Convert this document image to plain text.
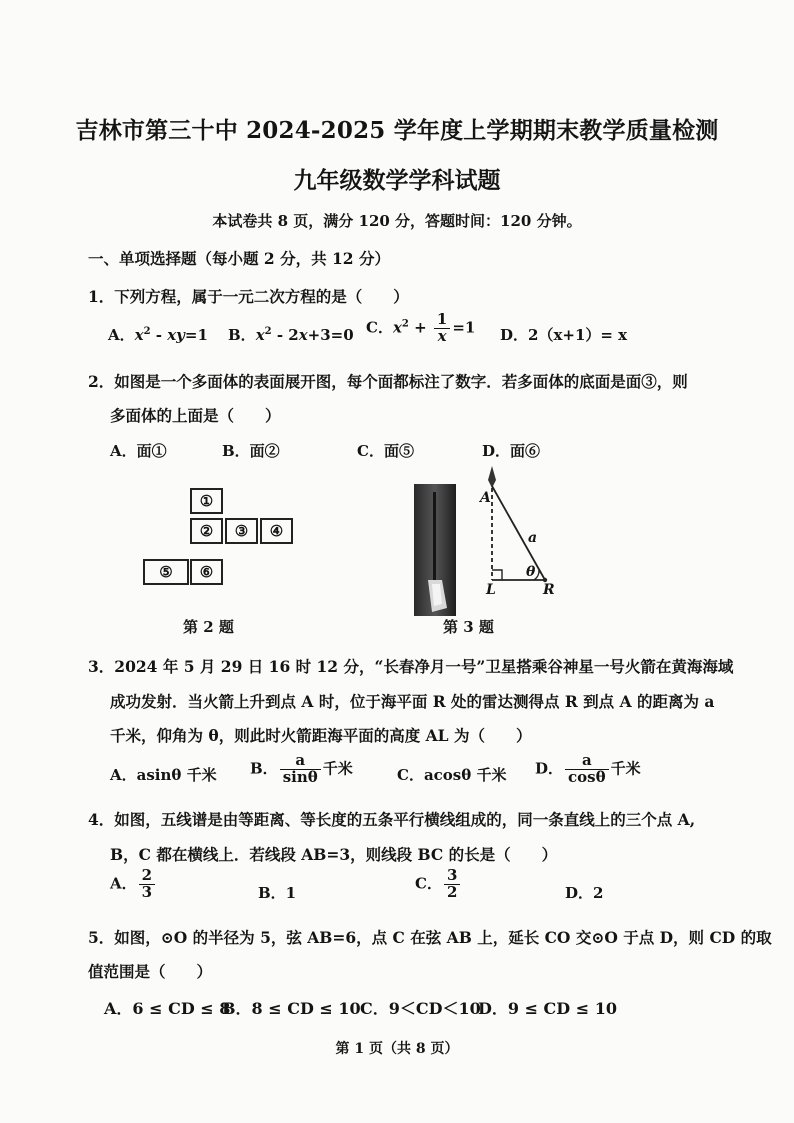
吉林市第三十中 2024-2025 学年度上学期期末教学质量检测
九年级数学学科试题
本试卷共 8 页，满分 120 分，答题时间：120 分钟。
一、单项选择题（每小题 2 分，共 12 分）
1．下列方程，属于一元二次方程的是（　　）
A．$x^2 - xy=1$ B．$x^2 - 2x+3=0$ C．$x^2 + \frac{1}{x} =1$ D．2（x+1）= x
2．如图是一个多面体的表面展开图，每个面都标注了数字．若多面体的底面是面③，则
多面体的上面是（　　）
A．面①	B．面②	C．面⑤	D．面⑥
①
②	③	④
⑤	⑥
A
a
θ
L	R
第 2 题	第 3 题
3．2024 年 5 月 29 日 16 时 12 分，“长春净月一号”卫星搭乘谷神星一号火箭在黄海海域
成功发射．当火箭上升到点 A 时，位于海平面 R 处的雷达测得点 R 到点 A 的距离为 a
千米，仰角为 θ，则此时火箭距海平面的高度 AL 为（　　）
A．asinθ 千米 B． $\frac{a}{\sin\theta}$ 千米	C．acosθ 千米 D． $\frac{a}{\cos\theta}$ 千米
4．如图，五线谱是由等距离、等长度的五条平行横线组成的，同一条直线上的三个点 A,
B，C 都在横线上．若线段 AB=3，则线段 BC 的长是（　　）
A． $\frac{2}{3}$	B．1
C． $\frac{3}{2}$	D．2
5．如图，⊙O 的半径为 5，弦 AB=6，点 C 在弦 AB 上，延长 CO 交⊙O 于点 D，则 CD 的取
值范围是（　　）
A．6 ≤ CD ≤ 8
B．8 ≤ CD ≤ 10 C．9＜CD＜10
D．9 ≤ CD ≤ 10
第 1 页（共 8 页）
